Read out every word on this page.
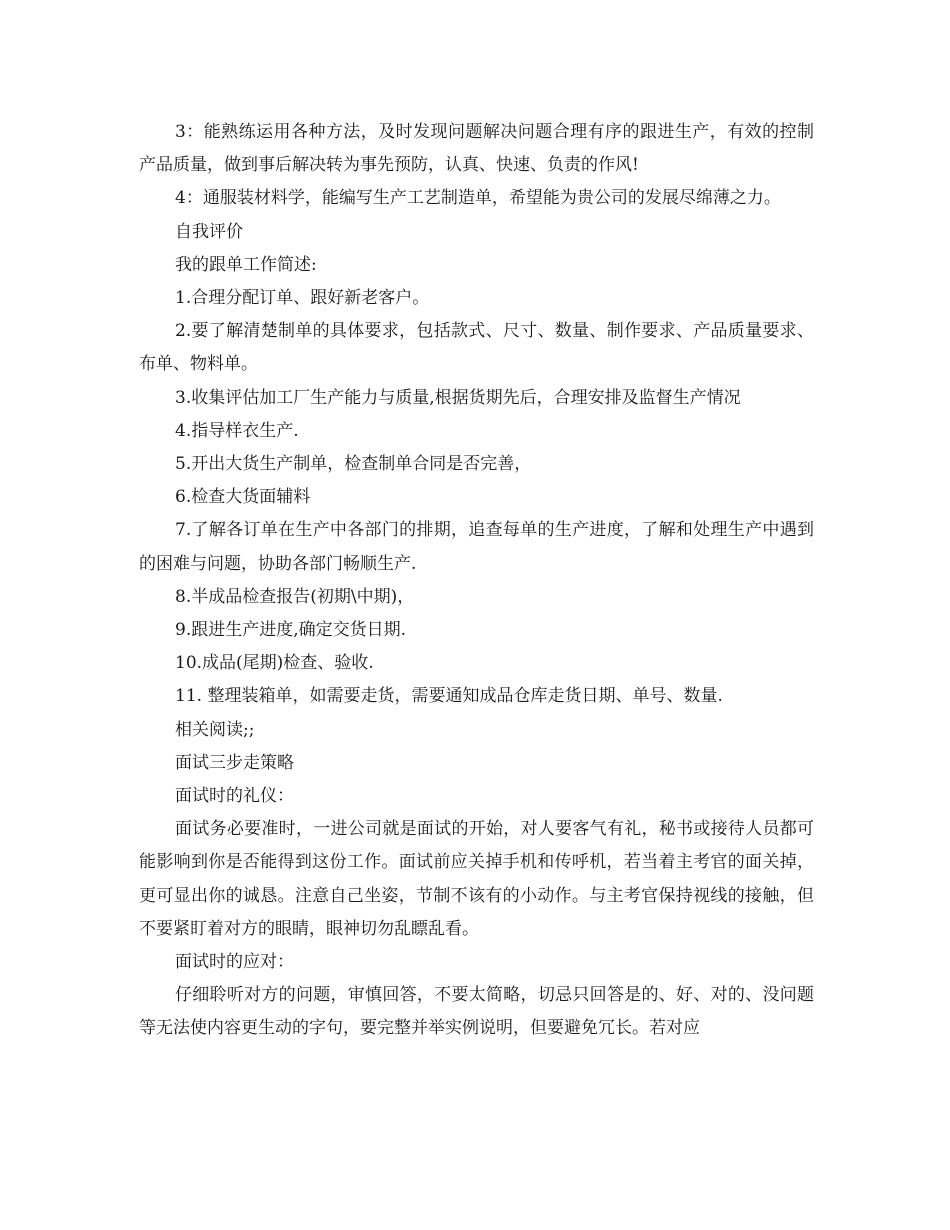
3：能熟练运用各种方法，及时发现问题解决问题合理有序的跟进生产，有效的控制产品质量，做到事后解决转为事先预防，认真、快速、负责的作风!

4：通服装材料学，能编写生产工艺制造单，希望能为贵公司的发展尽绵薄之力。

自我评价

我的跟单工作简述:

1.合理分配订单、跟好新老客户。

2.要了解清楚制单的具体要求，包括款式、尺寸、数量、制作要求、产品质量要求、布单、物料单。

3.收集评估加工厂生产能力与质量,根据货期先后，合理安排及监督生产情况

4.指导样衣生产.

5.开出大货生产制单，检查制单合同是否完善，

6.检查大货面辅料

7.了解各订单在生产中各部门的排期，追查每单的生产进度，了解和处理生产中遇到的困难与问题，协助各部门畅顺生产.

8.半成品检查报告(初期\中期)，

9.跟进生产进度,确定交货日期.

10.成品(尾期)检查、验收.

11. 整理装箱单，如需要走货，需要通知成品仓库走货日期、单号、数量.

相关阅读;;

面试三步走策略

面试时的礼仪：

面试务必要准时，一进公司就是面试的开始，对人要客气有礼，秘书或接待人员都可能影响到你是否能得到这份工作。面试前应关掉手机和传呼机，若当着主考官的面关掉，更可显出你的诚恳。注意自己坐姿，节制不该有的小动作。与主考官保持视线的接触，但不要紧盯着对方的眼睛，眼神切勿乱瞟乱看。

面试时的应对：

仔细聆听对方的问题，审慎回答，不要太简略，切忌只回答是的、好、对的、没问题等无法使内容更生动的字句，要完整并举实例说明，但要避免冗长。若对应
